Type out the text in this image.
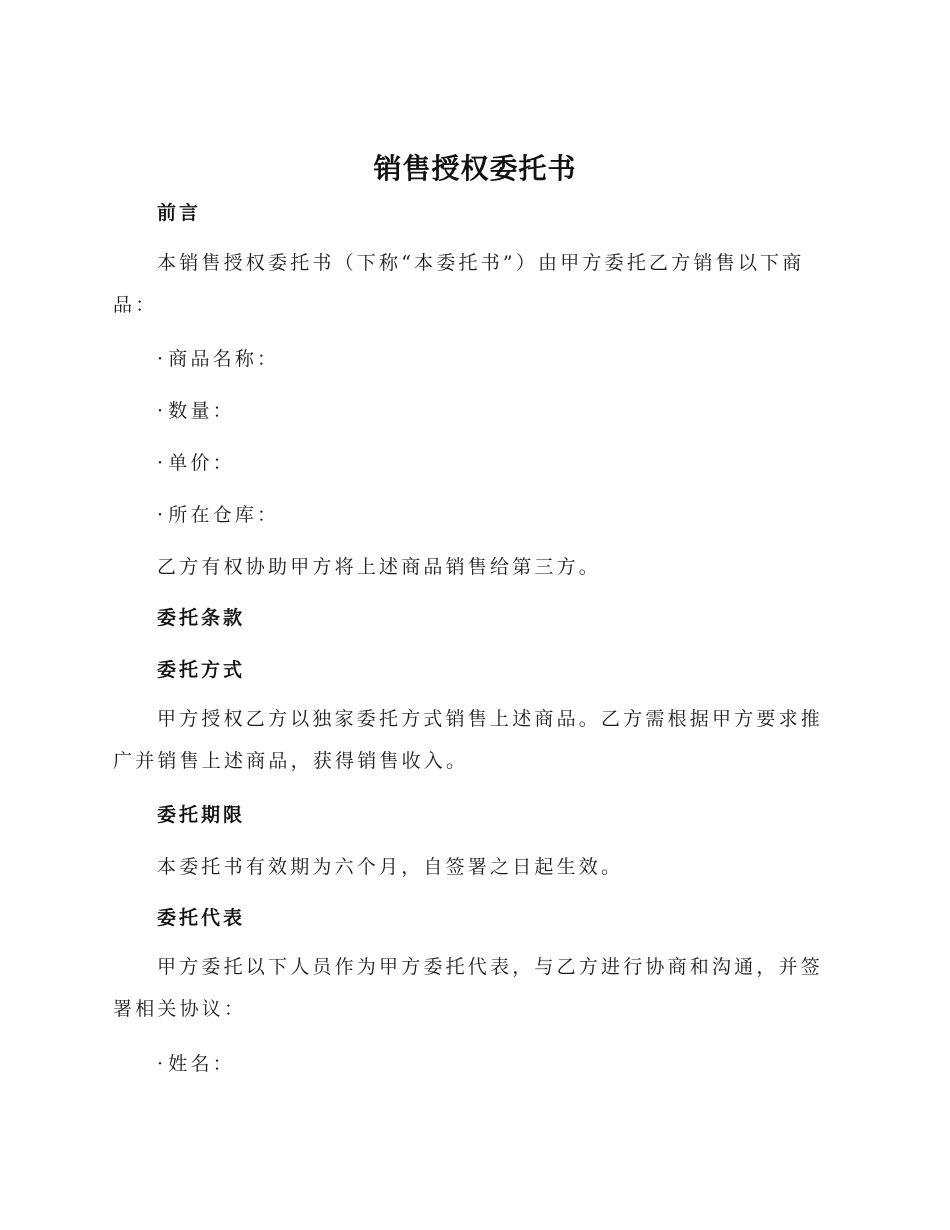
销售授权委托书
前言
本销售授权委托书（下称“本委托书”）由甲方委托乙方销售以下商品：
· 商品名称：
· 数量：
· 单价：
· 所在仓库：
乙方有权协助甲方将上述商品销售给第三方。
委托条款
委托方式
甲方授权乙方以独家委托方式销售上述商品。乙方需根据甲方要求推广并销售上述商品，获得销售收入。
委托期限
本委托书有效期为六个月，自签署之日起生效。
委托代表
甲方委托以下人员作为甲方委托代表，与乙方进行协商和沟通，并签署相关协议：
· 姓名：
